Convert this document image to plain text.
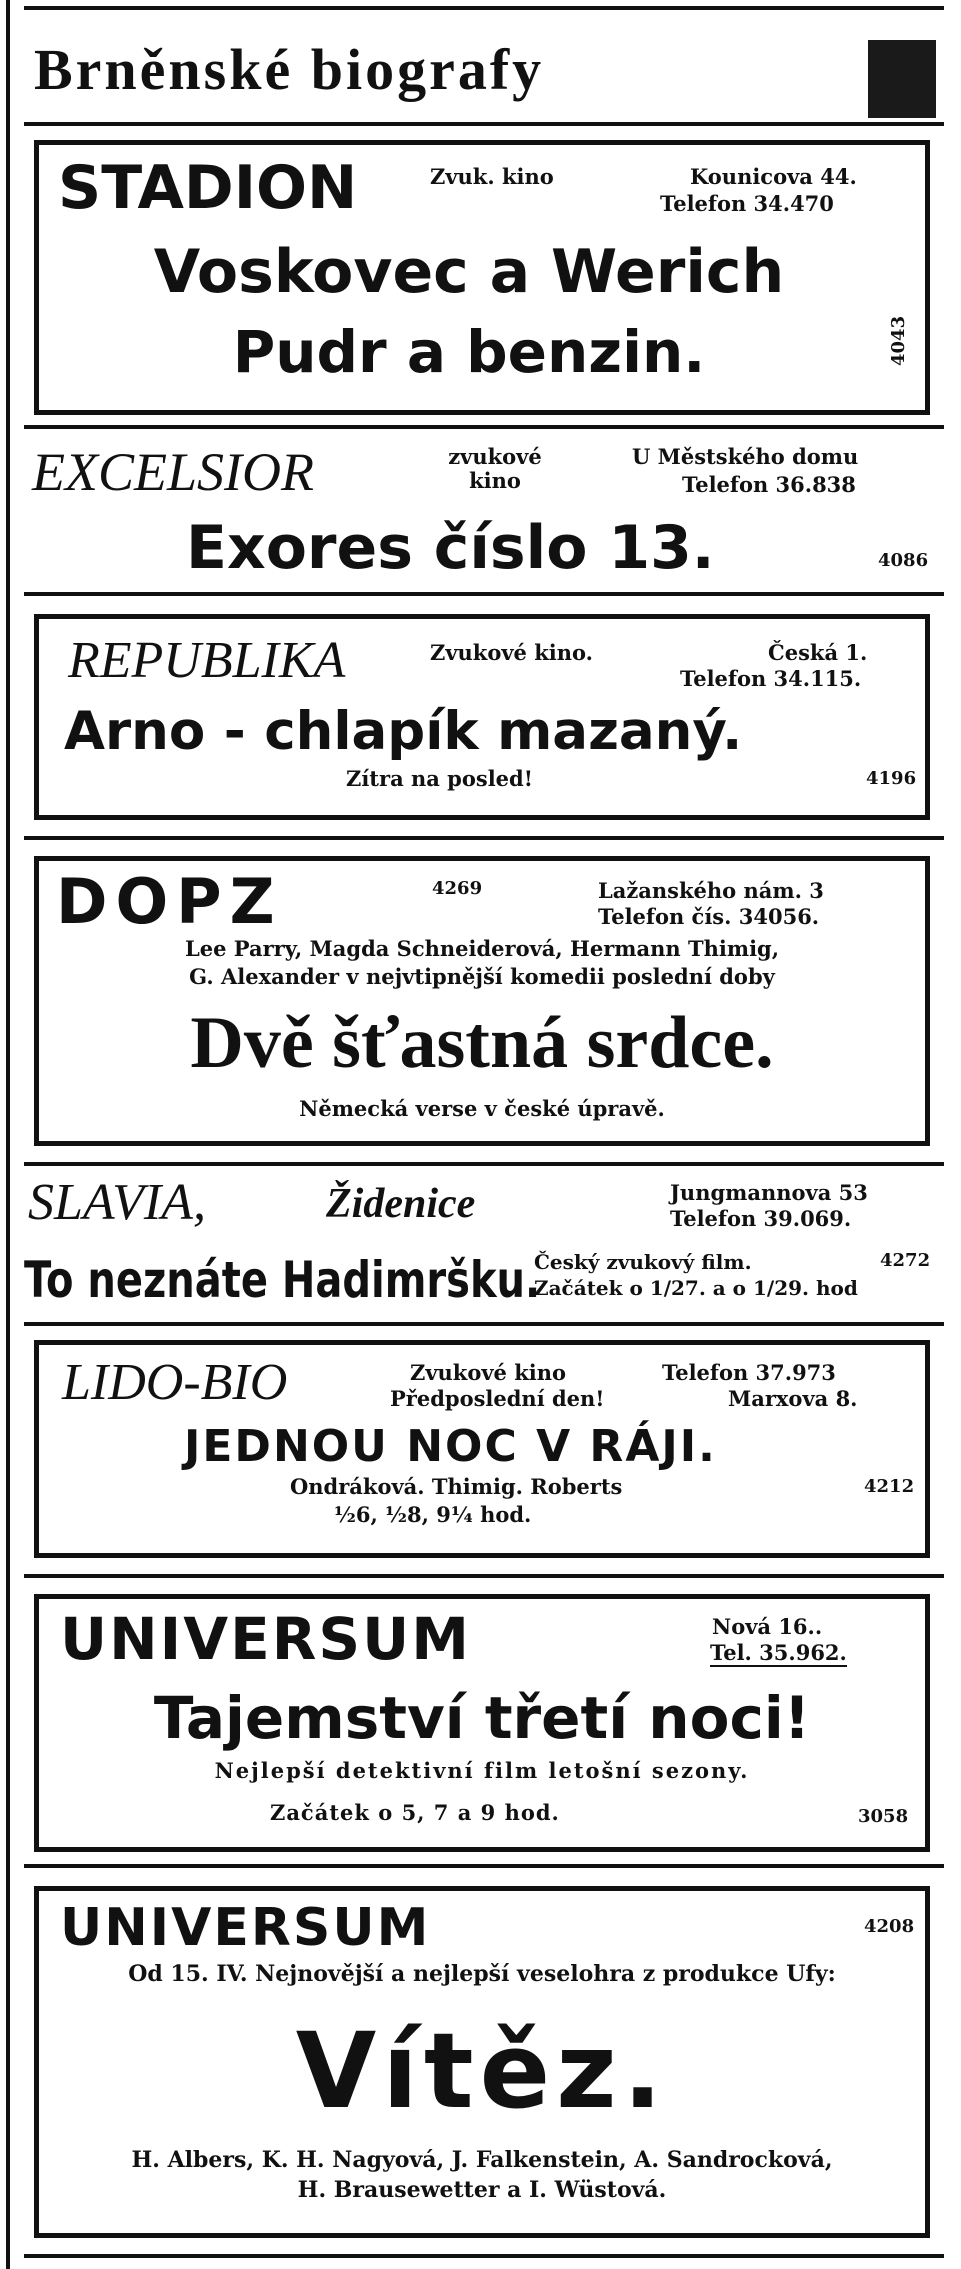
Brněnské biografy
STADION	Zvuk. kino	Kounicova 44.
Telefon 34.470
Voskovec a Werich
Pudr a benzin.	4043
EXCELSIOR	zvukové
kino
U Městského domu
Telefon 36.838
Exores číslo 13.	4086
REPUBLIKA	Zvukové kino.	Česká 1.
Telefon 34.115.
Arno - chlapík mazaný.
Zítra na posled!	4196
DOPZ	4269	Lažanského nám. 3
Telefon čís. 34056.
Lee Parry, Magda Schneiderová, Hermann Thimig,
G. Alexander v nejvtipnější komedii poslední doby
Dvě šťastná srdce.
Německá verse v české úpravě.
SLAVIA,	Židenice	Jungmannova 53
Telefon 39.069.
To neznáte Hadimršku.
Český zvukový film.
Začátek o 1/27. a o 1/29. hod
4272
LIDO-BIO	Zvukové kino	Telefon 37.973
Předposlední den!	Marxova 8.
JEDNOU NOC V RÁJI.
Ondráková. Thimig. Roberts
½6, ½8, 9¼ hod.
4212
UNIVERSUM	Nová 16..
Tel. 35.962.
Tajemství třetí noci!
Nejlepší detektivní film letošní sezony.
Začátek o 5, 7 a 9 hod.	3058
UNIVERSUM	4208
Od 15. IV. Nejnovější a nejlepší veselohra z produkce Ufy:
Vítěz.
H. Albers, K. H. Nagyová, J. Falkenstein, A. Sandrocková,
H. Brausewetter a I. Wüstová.
